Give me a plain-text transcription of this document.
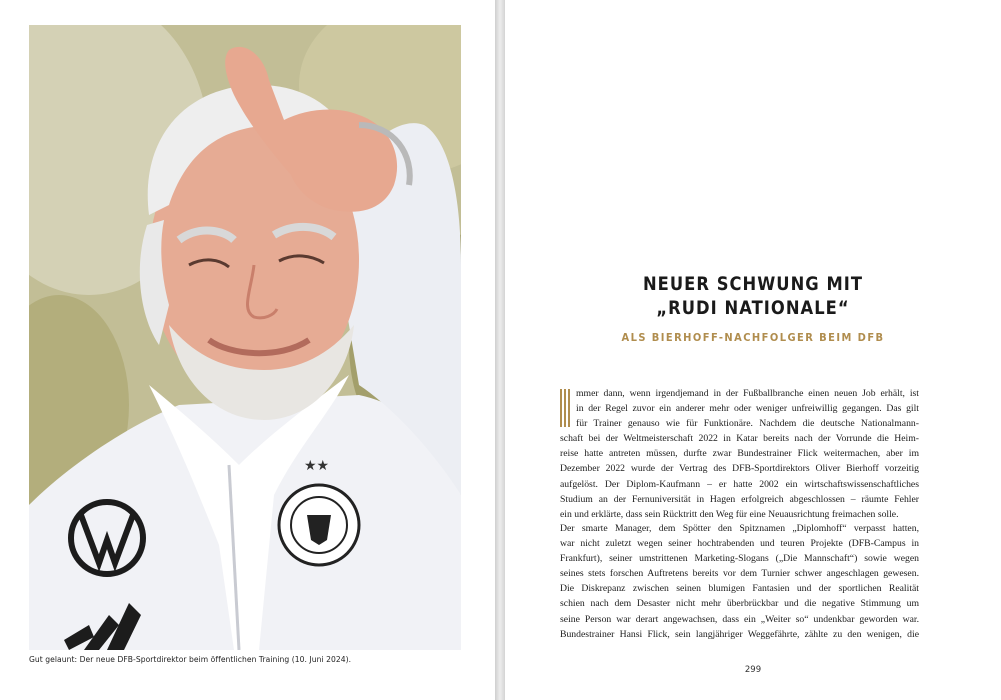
★★
Gut gelaunt: Der neue DFB-Sportdirektor beim öffentlichen Training (10. Juni 2024).
NEUER SCHWUNG MIT
„RUDI NATIONALE“
ALS BIERHOFF-NACHFOLGER BEIM DFB
mmer dann, wenn irgendjemand in der Fußballbranche einen neuen Job erhält, ist
in der Regel zuvor ein anderer mehr oder weniger unfreiwillig gegangen. Das gilt
für Trainer genauso wie für Funktionäre. Nachdem die deutsche Nationalmann-
schaft bei der Weltmeisterschaft 2022 in Katar bereits nach der Vorrunde die Heim-
reise hatte antreten müssen, durfte zwar Bundestrainer Flick weitermachen, aber im
Dezember 2022 wurde der Vertrag des DFB-Sportdirektors Oliver Bierhoff vorzeitig
aufgelöst. Der Diplom-Kaufmann – er hatte 2002 ein wirtschaftswissenschaftliches
Studium an der Fernuniversität in Hagen erfolgreich abgeschlossen – räumte Fehler
ein und erklärte, dass sein Rücktritt den Weg für eine Neuausrichtung freimachen solle.
Der smarte Manager, dem Spötter den Spitznamen „Diplomhoff“ verpasst hatten,
war nicht zuletzt wegen seiner hochtrabenden und teuren Projekte (DFB-Campus in
Frankfurt), seiner umstrittenen Marketing-Slogans („Die Mannschaft“) sowie wegen
seines stets forschen Auftretens bereits vor dem Turnier schwer angeschlagen gewesen.
Die Diskrepanz zwischen seinen blumigen Fantasien und der sportlichen Realität
schien nach dem Desaster nicht mehr überbrückbar und die negative Stimmung um
seine Person war derart angewachsen, dass ein „Weiter so“ undenkbar geworden war.
Bundestrainer Hansi Flick, sein langjähriger Weggefährte, zählte zu den wenigen, die
299
